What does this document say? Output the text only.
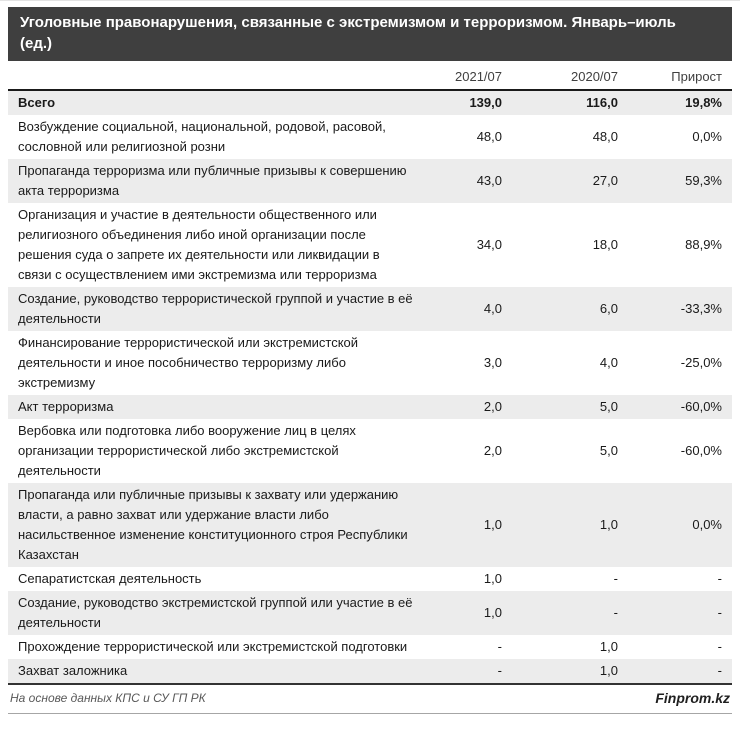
Уголовные правонарушения, связанные с экстремизмом и терроризмом. Январь–июль (ед.)
	2021/07	2020/07	Прирост
Всего	139,0	116,0	19,8%
Возбуждение социальной, национальной, родовой, расовой, сословной или религиозной розни	48,0	48,0	0,0%
Пропаганда терроризма или публичные призывы к совершению акта терроризма	43,0	27,0	59,3%
Организация и участие в деятельности общественного или религиозного объединения либо иной организации после решения суда о запрете их деятельности или ликвидации в связи с осуществлением ими экстремизма или терроризма	34,0	18,0	88,9%
Создание, руководство террористической группой и участие в её деятельности	4,0	6,0	-33,3%
Финансирование террористической или экстремистской деятельности и иное пособничество терроризму либо экстремизму	3,0	4,0	-25,0%
Акт терроризма	2,0	5,0	-60,0%
Вербовка или подготовка либо вооружение лиц в целях организации террористической либо экстремистской деятельности	2,0	5,0	-60,0%
Пропаганда или публичные призывы к захвату или удержанию власти, а равно захват или удержание власти либо насильственное изменение конституционного строя Республики Казахстан	1,0	1,0	0,0%
Сепаратистская деятельность	1,0	-	-
Создание, руководство экстремистской группой или участие в её деятельности	1,0	-	-
Прохождение террористической или экстремистской подготовки	-	1,0	-
Захват заложника	-	1,0	-
На основе данных КПС и СУ ГП РК	Finprom.kz
